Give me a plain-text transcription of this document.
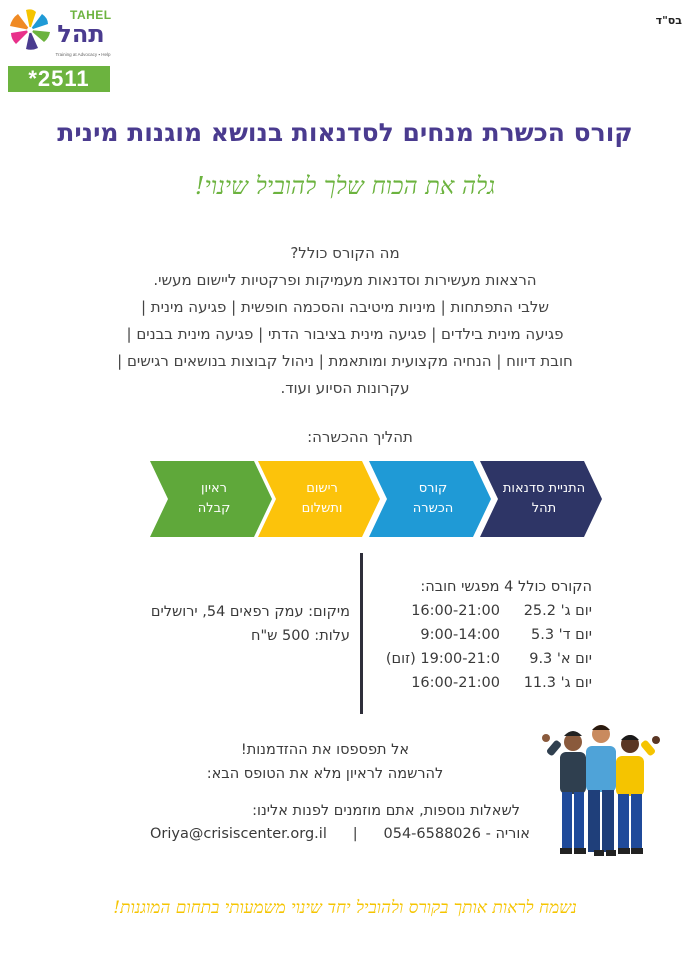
בס"ד
TAHEL
תהל
Training at Advocacy ▪ Help
*2511
קורס הכשרת מנחים לסדנאות בנושא מוגנות מינית
גלה את הכוח שלך להוביל שינוי!
מה הקורס כולל?
הרצאות מעשירות וסדנאות מעמיקות ופרקטיות ליישום מעשי.
שלבי התפתחות | מיניות מיטיבה והסכמה חופשית | פגיעה מינית |
פגיעה מינית בילדים | פגיעה מינית בציבור הדתי | פגיעה מינית בבנים |
חובת דיווח | הנחיה מקצועית ומותאמת | ניהול קבוצות בנושאים רגישים |
עקרונות הסיוע ועוד.
תהליך ההכשרה:
התניית סדנאות
תהל
קורס
הכשרה
רישום
ותשלום
ראיון
קבלה
הקורס כולל 4 מפגשי חובה:
יום ג' 25.2
16:00-21:00
יום ד' 5.3
9:00-14:00
יום א' 9.3
19:00-21:0 (זום)
יום ג' 11.3
16:00-21:00
מיקום: עמק רפאים 54, ירושלים
עלות: 500 ש"ח
אל תפספסו את ההזדמנות!
להרשמה לראיון מלא את הטופס הבא:
לשאלות נוספות, אתם מוזמנים לפנות אלינו:
Oriya@crisiscenter.org.il | אוריה - 054-6588026
נשמח לראות אותך בקורס ולהוביל יחד שינוי משמעותי בתחום המוגנות!
